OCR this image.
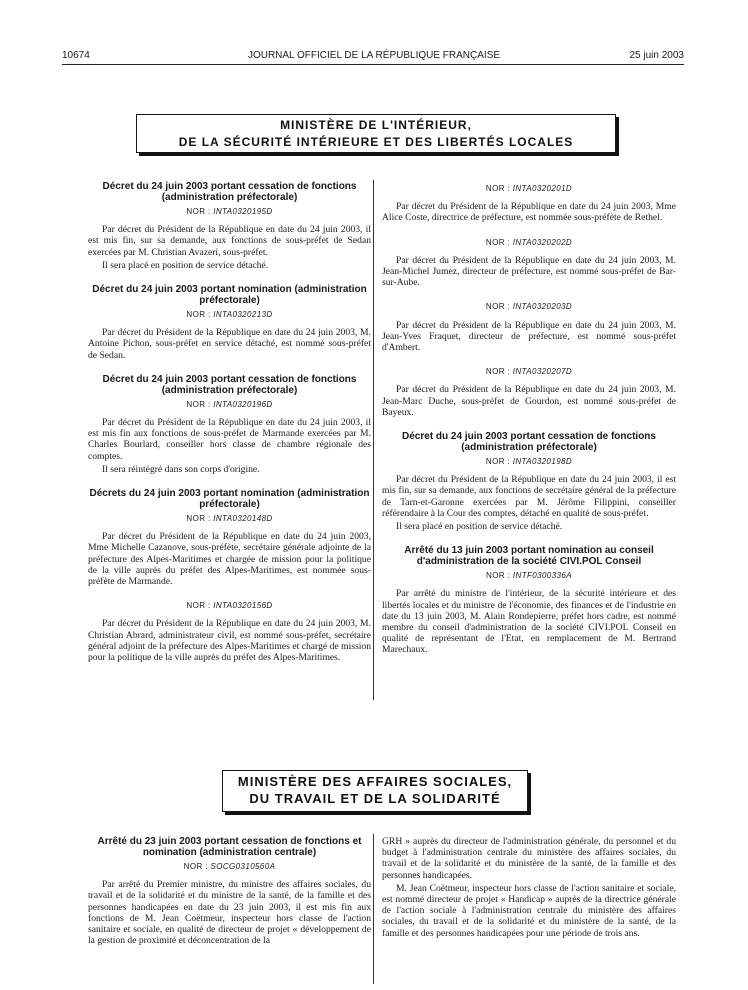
10674	JOURNAL OFFICIEL DE LA RÉPUBLIQUE FRANÇAISE	25 juin 2003
MINISTÈRE DE L'INTÉRIEUR,
DE LA SÉCURITÉ INTÉRIEURE ET DES LIBERTÉS LOCALES
Décret du 24 juin 2003 portant cessation de fonctions (administration préfectorale)
NOR : INTA0320195D

Par décret du Président de la République en date du 24 juin 2003, il est mis fin, sur sa demande, aux fonctions de sous-préfet de Sedan exercées par M. Christian Avazeri, sous-préfet.

Il sera placé en position de service détaché.

Décret du 24 juin 2003 portant nomination (administration préfectorale)
NOR : INTA0320213D

Par décret du Président de la République en date du 24 juin 2003, M. Antoine Pichon, sous-préfet en service détaché, est nommé sous-préfet de Sedan.

Décret du 24 juin 2003 portant cessation de fonctions (administration préfectorale)
NOR : INTA0320196D

Par décret du Président de la République en date du 24 juin 2003, il est mis fin aux fonctions de sous-préfet de Marmande exercées par M. Charles Bourlard, conseiller hors classe de chambre régionale des comptes.

Il sera réintégré dans son corps d'origine.

Décrets du 24 juin 2003 portant nomination (administration préfectorale)
NOR : INTA0320148D

Par décret du Président de la République en date du 24 juin 2003, Mme Michelle Cazanove, sous-préfète, secrétaire générale adjointe de la préfecture des Alpes-Maritimes et chargée de mission pour la politique de la ville auprès du préfet des Alpes-Maritimes, est nommée sous-préfète de Marmande.

NOR : INTA0320156D

Par décret du Président de la République en date du 24 juin 2003, M. Christian Abrard, administrateur civil, est nommé sous-préfet, secrétaire général adjoint de la préfecture des Alpes-Maritimes et chargé de mission pour la politique de la ville auprès du préfet des Alpes-Maritimes.

NOR : INTA0320201D

Par décret du Président de la République en date du 24 juin 2003, Mme Alice Coste, directrice de préfecture, est nommée sous-préfète de Rethel.

NOR : INTA0320202D

Par décret du Président de la République en date du 24 juin 2003, M. Jean-Michel Jumez, directeur de préfecture, est nommé sous-préfet de Bar-sur-Aube.

NOR : INTA0320203D

Par décret du Président de la République en date du 24 juin 2003, M. Jean-Yves Fraquet, directeur de préfecture, est nommé sous-préfet d'Ambert.

NOR : INTA0320207D

Par décret du Président de la République en date du 24 juin 2003, M. Jean-Marc Duche, sous-préfet de Gourdon, est nommé sous-préfet de Bayeux.

Décret du 24 juin 2003 portant cessation de fonctions (administration préfectorale)
NOR : INTA0320198D

Par décret du Président de la République en date du 24 juin 2003, il est mis fin, sur sa demande, aux fonctions de secrétaire général de la préfecture de Tarn-et-Garonne exercées par M. Jérôme Filippini, conseiller référendaire à la Cour des comptes, détaché en qualité de sous-préfet.

Il sera placé en position de service détaché.

Arrêté du 13 juin 2003 portant nomination au conseil d'administration de la société CIVI.POL Conseil
NOR : INTF0300336A

Par arrêté du ministre de l'intérieur, de la sécurité intérieure et des libertés locales et du ministre de l'économie, des finances et de l'industrie en date du 13 juin 2003, M. Alain Rondepierre, préfet hors cadre, est nommé membre du conseil d'administration de la société CIVI.POL Conseil en qualité de représentant de l'Etat, en remplacement de M. Bertrand Marechaux.

MINISTÈRE DES AFFAIRES SOCIALES,
DU TRAVAIL ET DE LA SOLIDARITÉ
Arrêté du 23 juin 2003 portant cessation de fonctions et nomination (administration centrale)
NOR : SOCG0310560A

Par arrêté du Premier ministre, du ministre des affaires sociales, du travail et de la solidarité et du ministre de la santé, de la famille et des personnes handicapées en date du 23 juin 2003, il est mis fin aux fonctions de M. Jean Coëtmeur, inspecteur hors classe de l'action sanitaire et sociale, en qualité de directeur de projet « développement de la gestion de proximité et déconcentration de la

GRH » auprès du directeur de l'administration générale, du personnel et du budget à l'administration centrale du ministère des affaires sociales, du travail et de la solidarité et du ministère de la santé, de la famille et des personnes handicapées.

M. Jean Coëtmeur, inspecteur hors classe de l'action sanitaire et sociale, est nommé directeur de projet « Handicap » auprès de la directrice générale de l'action sociale à l'administration centrale du ministère des affaires sociales, du travail et de la solidarité et du ministère de la santé, de la famille et des personnes handicapées pour une période de trois ans.
